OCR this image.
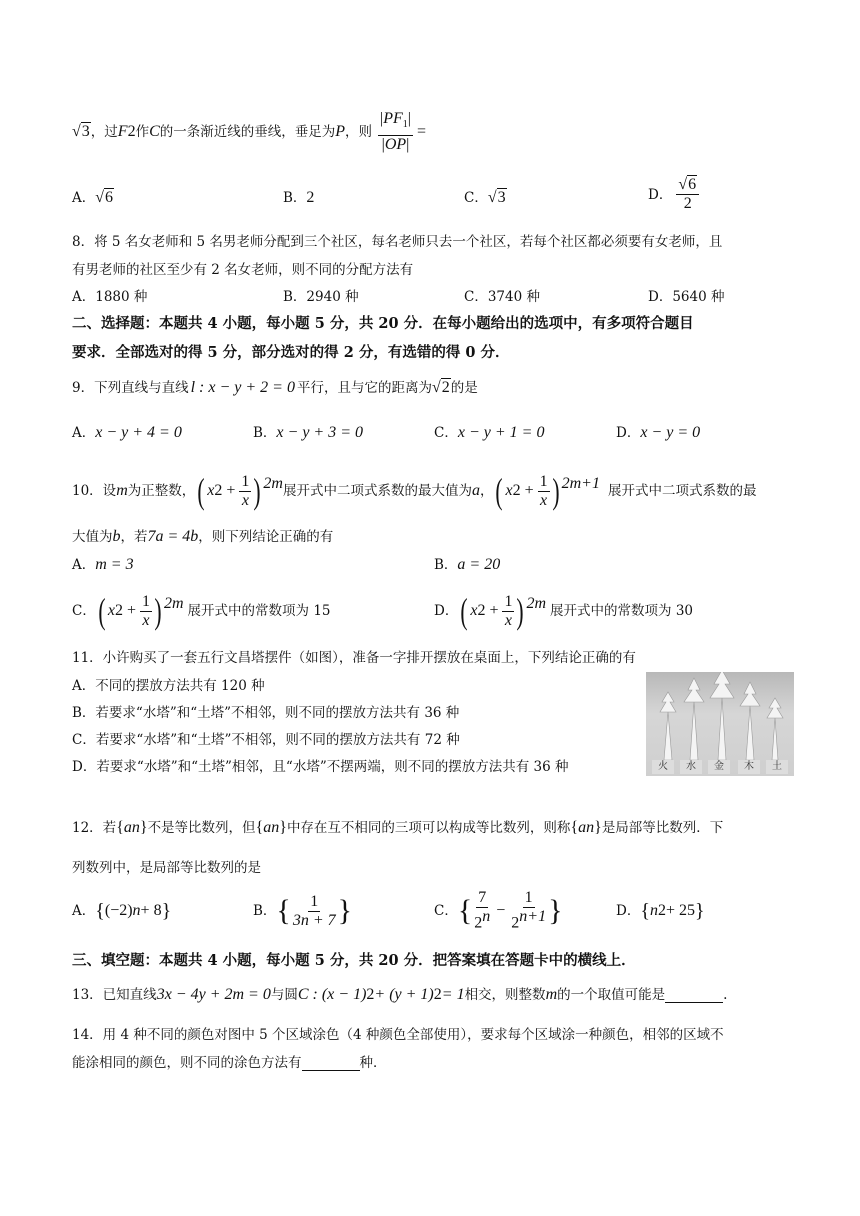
√3 ，过 F 2 作 C 的一条渐近线的垂线，垂足为 P ，则 $\frac{|PF_1|}{|OP|}$ =
A．√6	B．2	C．√3	D． $\frac{√6}{2}$
8．将 5 名女老师和 5 名男老师分配到三个社区，每名老师只去一个社区，若每个社区都必须要有女老师，且
有男老师的社区至少有 2 名女老师，则不同的分配方法有
A．1880 种	B．2940 种	C．3740 种	D．5640 种
二、选择题：本题共 4 小题，每小题 5 分，共 20 分．在每小题给出的选项中，有多项符合题目
要求．全部选对的得 5 分，部分选对的得 2 分，有选错的得 0 分．
9．下列直线与直线 l : x − y + 2 = 0 平行，且与它的距离为 √2 的是
A．x − y + 4 = 0	B．x − y + 3 = 0	C．x − y + 1 = 0	D．x − y = 0
10．设 m 为正整数， ( x $2 + \frac{1}{x}$ ) 2m 展开式中二项式系数的最大值为 a ， ( x $2 + \frac{1}{x}$ ) 2m+1 展开式中二项式系数的最
大值为 b ，若 7a = 4b ，则下列结论正确的有
A．m = 3	B．a = 20
C． ( x $2 + \frac{1}{x}$ ) 2m 展开式中的常数项为 15	D． ( x $2 + \frac{1}{x}$ ) 2m 展开式中的常数项为 30
11．小许购买了一套五行文昌塔摆件（如图），准备一字排开摆放在桌面上，下列结论正确的有
A．不同的摆放方法共有 120 种
B．若要求“水塔”和“土塔”不相邻，则不同的摆放方法共有 36 种
C．若要求“水塔”和“土塔”不相邻，则不同的摆放方法共有 72 种
D．若要求“水塔”和“土塔”相邻，且“水塔”不摆两端，则不同的摆放方法共有 36 种	火	水	金	木	土
12．若 { a n } 不是等比数列，但 { a n } 中存在互不相同的三项可以构成等比数列，则称 { a n } 是局部等比数列．下
列数列中，是局部等比数列的是
A． { (−2) n + 8 }	B． { $\frac{1}{3n + 7}$ }	C． { $\frac{7}{2^n} - \frac{1}{2^{n+1}}$ }	D． { n 2 + 25 }
三、填空题：本题共 4 小题，每小题 5 分，共 20 分．把答案填在答题卡中的横线上．
13．已知直线 3x − 4y + 2m = 0 与圆 C : (x − 1) 2 + (y + 1) 2 = 1 相交，则整数 m 的一个取值可能是	.
14．用 4 种不同的颜色对图中 5 个区域涂色（4 种颜色全部使用），要求每个区域涂一种颜色，相邻的区域不
能涂相同的颜色，则不同的涂色方法有	种．
